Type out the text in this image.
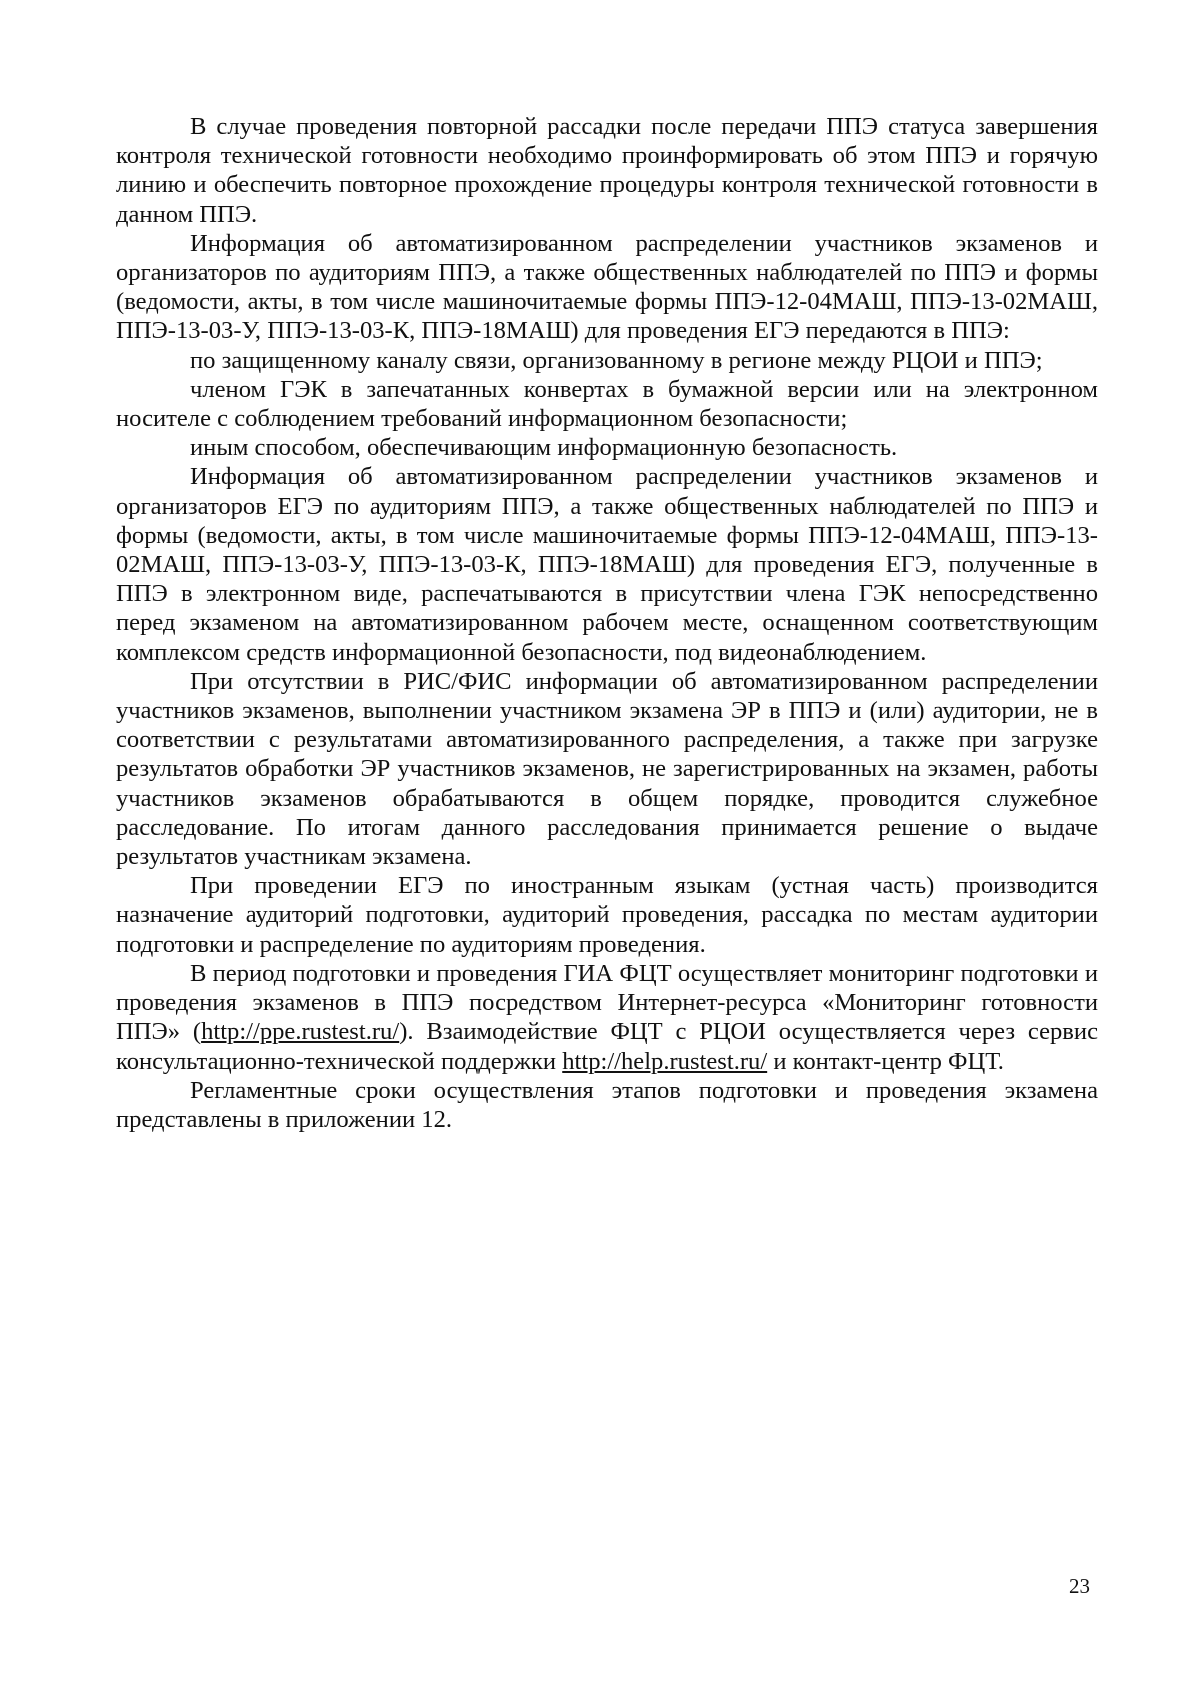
В случае проведения повторной рассадки после передачи ППЭ статуса завершения контроля технической готовности необходимо проинформировать об этом ППЭ и горячую линию и обеспечить повторное прохождение процедуры контроля технической готовности в данном ППЭ.

Информация об автоматизированном распределении участников экзаменов и организаторов по аудиториям ППЭ, а также общественных наблюдателей по ППЭ и формы (ведомости, акты, в том числе машиночитаемые формы ППЭ-12-04МАШ, ППЭ-13-02МАШ, ППЭ-13-03-У, ППЭ-13-03-К, ППЭ-18МАШ) для проведения ЕГЭ передаются в ППЭ:

по защищенному каналу связи, организованному в регионе между РЦОИ и ППЭ;

членом ГЭК в запечатанных конвертах в бумажной версии или на электронном носителе с соблюдением требований информационном безопасности;

иным способом, обеспечивающим информационную безопасность.

Информация об автоматизированном распределении участников экзаменов и организаторов ЕГЭ по аудиториям ППЭ, а также общественных наблюдателей по ППЭ и формы (ведомости, акты, в том числе машиночитаемые формы ППЭ-12-04МАШ, ППЭ-13-02МАШ, ППЭ-13-03-У, ППЭ-13-03-К, ППЭ-18МАШ) для проведения ЕГЭ, полученные в ППЭ в электронном виде, распечатываются в присутствии члена ГЭК непосредственно перед экзаменом на автоматизированном рабочем месте, оснащенном соответствующим комплексом средств информационной безопасности, под видеонаблюдением.

При отсутствии в РИС/ФИС информации об автоматизированном распределении участников экзаменов, выполнении участником экзамена ЭР в ППЭ и (или) аудитории, не в соответствии с результатами автоматизированного распределения, а также при загрузке результатов обработки ЭР участников экзаменов, не зарегистрированных на экзамен, работы участников экзаменов обрабатываются в общем порядке, проводится служебное расследование. По итогам данного расследования принимается решение о выдаче результатов участникам экзамена.

При проведении ЕГЭ по иностранным языкам (устная часть) производится назначение аудиторий подготовки, аудиторий проведения, рассадка по местам аудитории подготовки и распределение по аудиториям проведения.

В период подготовки и проведения ГИА ФЦТ осуществляет мониторинг подготовки и проведения экзаменов в ППЭ посредством Интернет-ресурса «Мониторинг готовности ППЭ» (http://ppe.rustest.ru/). Взаимодействие ФЦТ с РЦОИ осуществляется через сервис консультационно-технической поддержки http://help.rustest.ru/ и контакт-центр ФЦТ.

Регламентные сроки осуществления этапов подготовки и проведения экзамена представлены в приложении 12.

23
